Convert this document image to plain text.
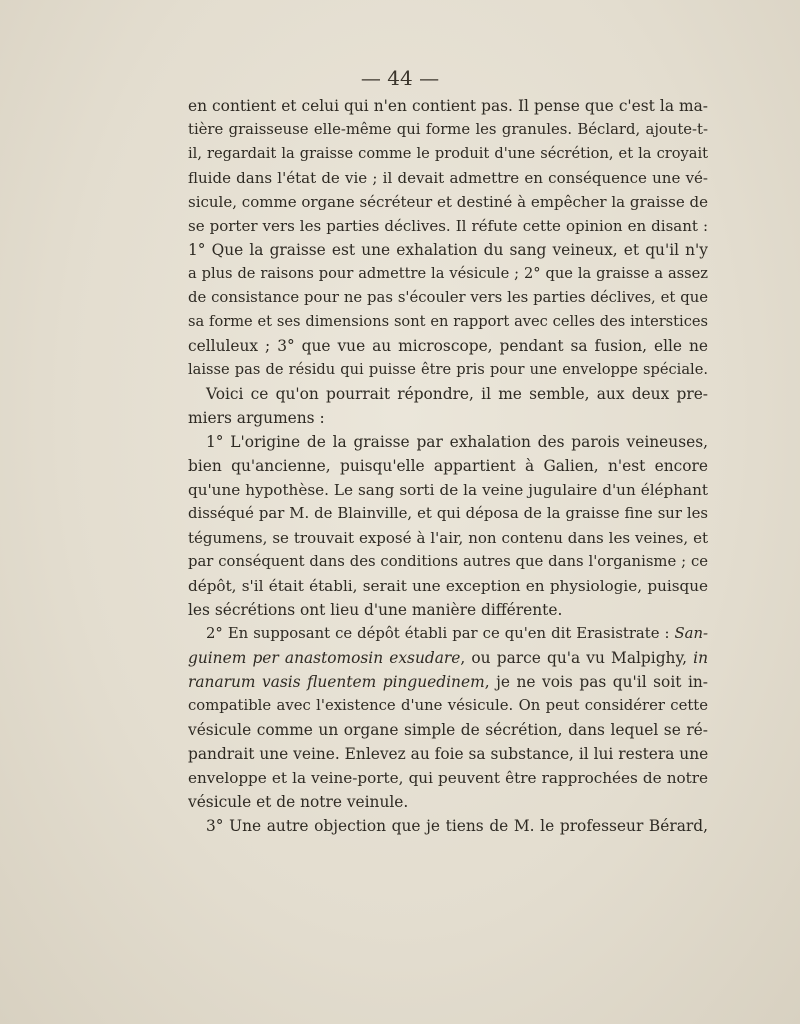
— 44 —
en contient et celui qui n'en contient pas. Il pense que c'est la ma-
tière graisseuse elle-même qui forme les granules. Béclard, ajoute-t-
il, regardait la graisse comme le produit d'une sécrétion, et la croyait
fluide dans l'état de vie ; il devait admettre en conséquence une vé-
sicule, comme organe sécréteur et destiné à empêcher la graisse de
se porter vers les parties déclives. Il réfute cette opinion en disant :
1° Que la graisse est une exhalation du sang veineux, et qu'il n'y
a plus de raisons pour admettre la vésicule ; 2° que la graisse a assez
de consistance pour ne pas s'écouler vers les parties déclives, et que
sa forme et ses dimensions sont en rapport avec celles des interstices
celluleux ; 3° que vue au microscope, pendant sa fusion, elle ne
laisse pas de résidu qui puisse être pris pour une enveloppe spéciale.
Voici ce qu'on pourrait répondre, il me semble, aux deux pre-
miers argumens :
1° L'origine de la graisse par exhalation des parois veineuses,
bien qu'ancienne, puisqu'elle appartient à Galien, n'est encore
qu'une hypothèse. Le sang sorti de la veine jugulaire d'un éléphant
disséqué par M. de Blainville, et qui déposa de la graisse fine sur les
tégumens, se trouvait exposé à l'air, non contenu dans les veines, et
par conséquent dans des conditions autres que dans l'organisme ; ce
dépôt, s'il était établi, serait une exception en physiologie, puisque
les sécrétions ont lieu d'une manière différente.
2° En supposant ce dépôt établi par ce qu'en dit Erasistrate : San-
guinem per anastomosin exsudare, ou parce qu'a vu Malpighy, in
ranarum vasis fluentem pinguedinem, je ne vois pas qu'il soit in-
compatible avec l'existence d'une vésicule. On peut considérer cette
vésicule comme un organe simple de sécrétion, dans lequel se ré-
pandrait une veine. Enlevez au foie sa substance, il lui restera une
enveloppe et la veine-porte, qui peuvent être rapprochées de notre
vésicule et de notre veinule.
3° Une autre objection que je tiens de M. le professeur Bérard,
